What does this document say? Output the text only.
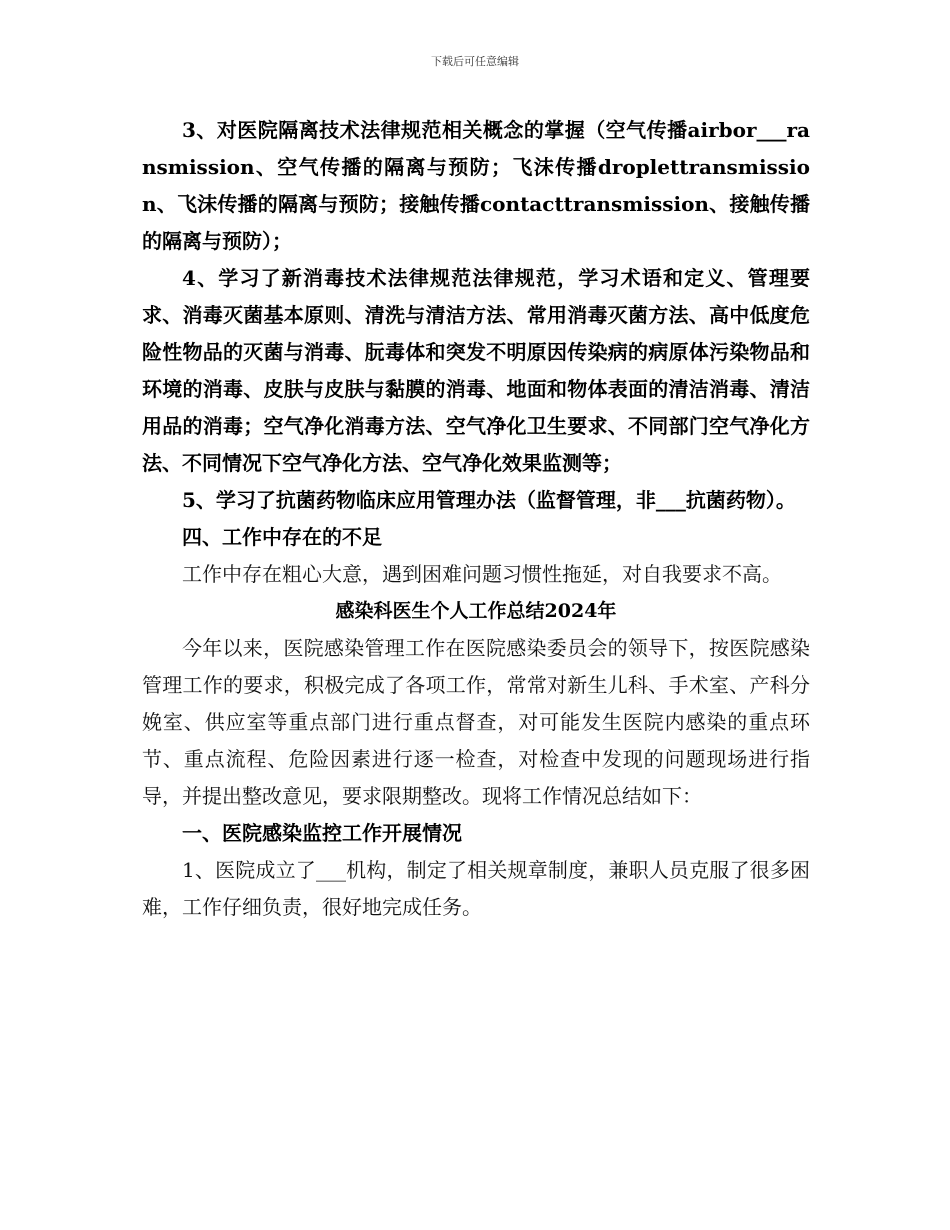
下载后可任意编辑

3、对医院隔离技术法律规范相关概念的掌握（空气传播airbor___ransmission、空气传播的隔离与预防；飞沫传播droplettransmission、飞沫传播的隔离与预防；接触传播contacttransmission、接触传播的隔离与预防）；

4、学习了新消毒技术法律规范法律规范，学习术语和定义、管理要求、消毒灭菌基本原则、清洗与清洁方法、常用消毒灭菌方法、高中低度危险性物品的灭菌与消毒、朊毒体和突发不明原因传染病的病原体污染物品和环境的消毒、皮肤与皮肤与黏膜的消毒、地面和物体表面的清洁消毒、清洁用品的消毒；空气净化消毒方法、空气净化卫生要求、不同部门空气净化方法、不同情况下空气净化方法、空气净化效果监测等；

5、学习了抗菌药物临床应用管理办法（监督管理，非___抗菌药物）。

四、工作中存在的不足

工作中存在粗心大意，遇到困难问题习惯性拖延，对自我要求不高。

感染科医生个人工作总结2024年

今年以来，医院感染管理工作在医院感染委员会的领导下，按医院感染管理工作的要求，积极完成了各项工作，常常对新生儿科、手术室、产科分娩室、供应室等重点部门进行重点督查，对可能发生医院内感染的重点环节、重点流程、危险因素进行逐一检查，对检查中发现的问题现场进行指导，并提出整改意见，要求限期整改。现将工作情况总结如下：

一、医院感染监控工作开展情况

1、医院成立了___机构，制定了相关规章制度，兼职人员克服了很多困难，工作仔细负责，很好地完成任务。
